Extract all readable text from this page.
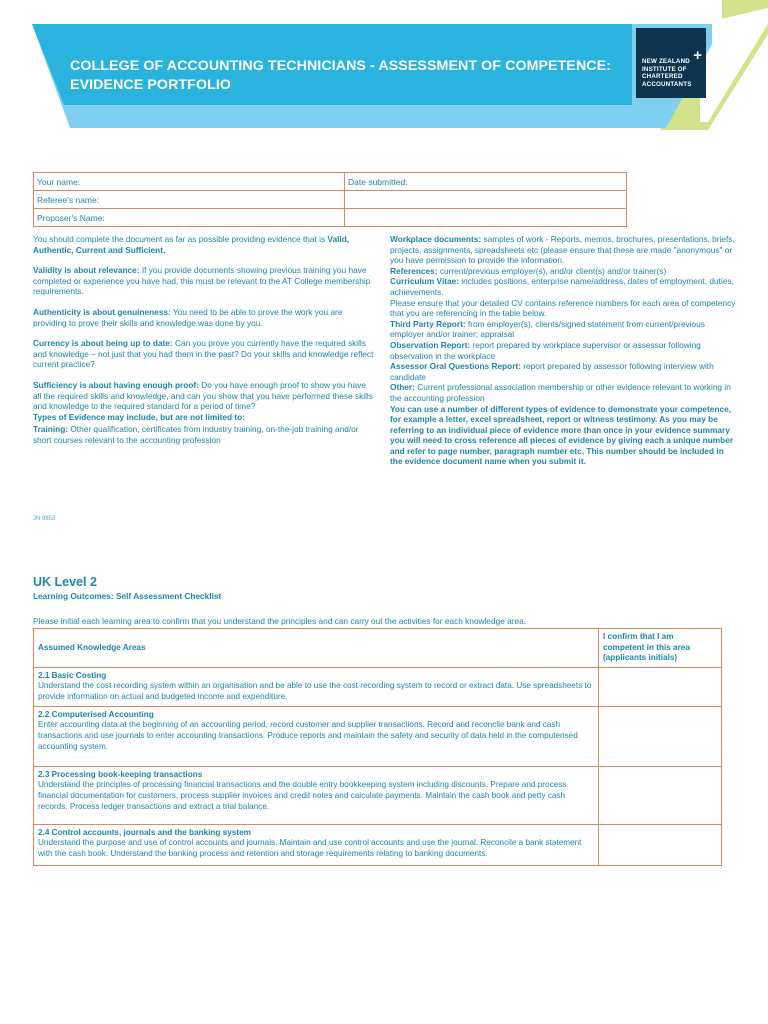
COLLEGE OF ACCOUNTING TECHNICIANS - ASSESSMENT OF COMPETENCE:
EVIDENCE PORTFOLIO
+
NEW ZEALAND
INSTITUTE OF
CHARTERED
ACCOUNTANTS
Your name:	Date submitted:
Referee's name:	
Proposer's Name:	

You should complete the document as far as possible providing evidence that is Valid, Authentic, Current and Sufficient.

Validity is about relevance: If you provide documents showing previous training you have completed or experience you have had, this must be relevant to the AT College membership requirements.

Authenticity is about genuineness: You need to be able to prove the work you are providing to prove their skills and knowledge was done by you.

Currency is about being up to date: Can you prove you currently have the required skills and knowledge – not just that you had them in the past? Do your skills and knowledge reflect current practice?

Sufficiency is about having enough proof: Do you have enough proof to show you have all the required skills and knowledge, and can you show that you have performed these skills and knowledge to the required standard for a period of time?

Types of Evidence may include, but are not limited to:

Training: Other qualification, certificates from industry training, on-the-job training and/or short courses relevant to the accounting profession

Workplace documents: samples of work - Reports, memos, brochures, presentations, briefs, projects, assignments, spreadsheets etc (please ensure that these are made "anonymous" or you have permission to provide the information.

References: current/previous employer(s), and/or client(s) and/or trainer(s)

Curriculum Vitae: includes positions, enterprise name/address, dates of employment, duties, achievements.

Please ensure that your detailed CV contains reference numbers for each area of competency that you are referencing in the table below.

Third Party Report: from employer(s), clients/signed statement from current/previous employer and/or trainer; appraisal

Observation Report: report prepared by workplace supervisor or assessor following observation in the workplace

Assessor Oral Questions Report: report prepared by assessor following interview with candidate

Other: Current professional association membership or other evidence relevant to working in the accounting profession

You can use a number of different types of evidence to demonstrate your competence, for example a letter, excel spreadsheet, report or witness testimony. As you may be referring to an individual piece of evidence more than once in your evidence summary you will need to cross reference all pieces of evidence by giving each a unique number and refer to page number, paragraph number etc. This number should be included in the evidence document name when you submit it.

JN 9653
UK Level 2
Learning Outcomes: Self Assessment Checklist
Please initial each learning area to confirm that you understand the principles and can carry out the activities for each knowledge area.
Assumed Knowledge Areas	I confirm that I am competent in this area (applicants initials)

2.1 Basic Costing
Understand the cost recording system within an organisation and be able to use the cost recording system to record or extract data. Use spreadsheets to provide information on actual and budgeted income and expenditure.	

2.2 Computerised Accounting
Enter accounting data at the beginning of an accounting period, record customer and supplier transactions. Record and reconcile bank and cash transactions and use journals to enter accounting transactions. Produce reports and maintain the safety and security of data held in the computerised accounting system.	

2.3 Processing book-keeping transactions
Understand the principles of processing financial transactions and the double entry bookkeeping system including discounts. Prepare and process financial documentation for customers, process supplier invoices and credit notes and calculate payments. Maintain the cash book and petty cash records. Process ledger transactions and extract a trial balance.	

2.4 Control accounts, journals and the banking system
Understand the purpose and use of control accounts and journals. Maintain and use control accounts and use the journal. Reconcile a bank statement with the cash book. Understand the banking process and retention and storage requirements relating to banking documents.	
